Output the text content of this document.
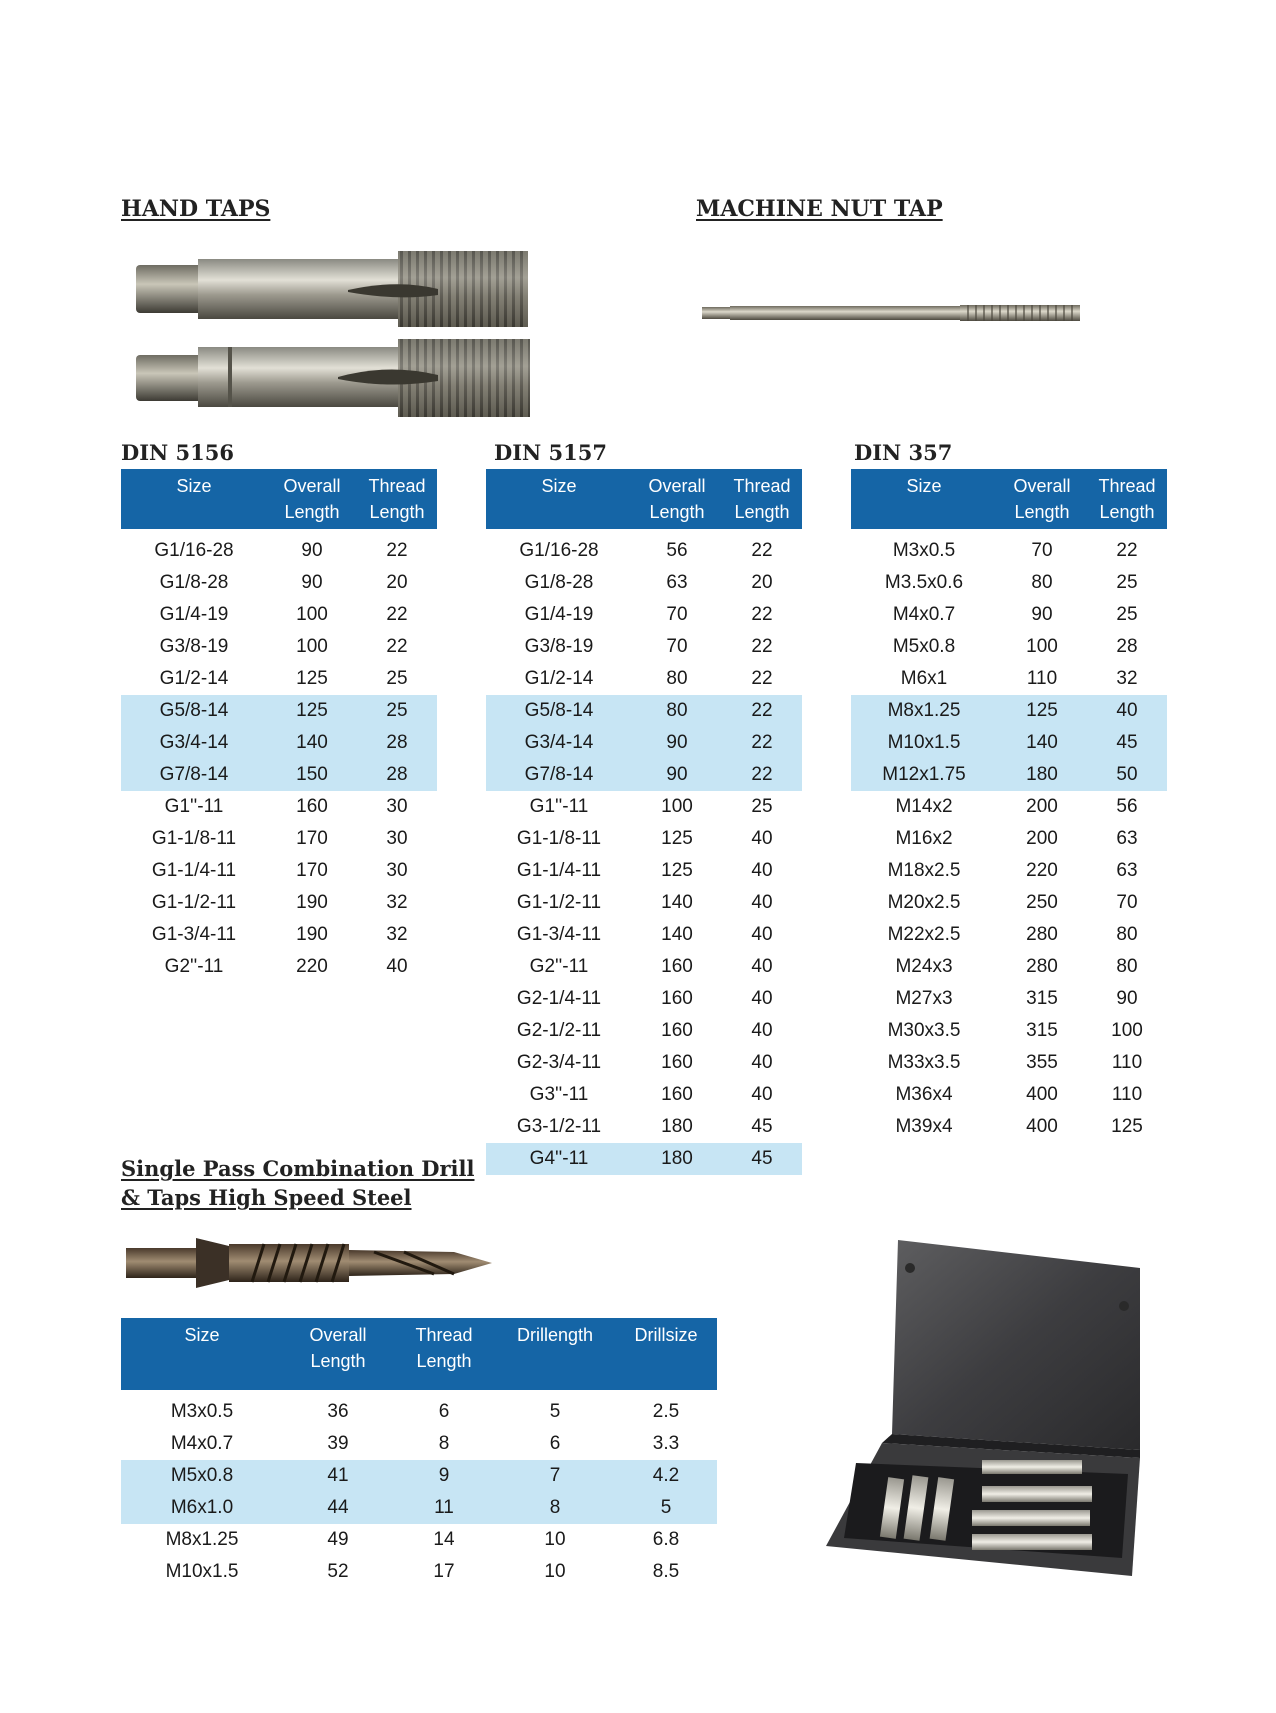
HAND TAPS	MACHINE NUT TAP
DIN 5156	DIN 5157	DIN 357
Size	Overall Length	Thread Length
G1/16-28	90	22
G1/8-28	90	20
G1/4-19	100	22
G3/8-19	100	22
G1/2-14	125	25
G5/8-14	125	25
G3/4-14	140	28
G7/8-14	150	28
G1''-11	160	30
G1-1/8-11	170	30
G1-1/4-11	170	30
G1-1/2-11	190	32
G1-3/4-11	190	32
G2''-11	220	40
Size	Overall Length	Thread Length
G1/16-28	56	22
G1/8-28	63	20
G1/4-19	70	22
G3/8-19	70	22
G1/2-14	80	22
G5/8-14	80	22
G3/4-14	90	22
G7/8-14	90	22
G1''-11	100	25
G1-1/8-11	125	40
G1-1/4-11	125	40
G1-1/2-11	140	40
G1-3/4-11	140	40
G2''-11	160	40
G2-1/4-11	160	40
G2-1/2-11	160	40
G2-3/4-11	160	40
G3''-11	160	40
G3-1/2-11	180	45
G4''-11	180	45
Size	Overall Length	Thread Length
M3x0.5	70	22
M3.5x0.6	80	25
M4x0.7	90	25
M5x0.8	100	28
M6x1	110	32
M8x1.25	125	40
M10x1.5	140	45
M12x1.75	180	50
M14x2	200	56
M16x2	200	63
M18x2.5	220	63
M20x2.5	250	70
M22x2.5	280	80
M24x3	280	80
M27x3	315	90
M30x3.5	315	100
M33x3.5	355	110
M36x4	400	110
M39x4	400	125
Single Pass Combination Drill
& Taps High Speed Steel
Size	Overall Length	Thread Length	Drillength	Drillsize
M3x0.5	36	6	5	2.5
M4x0.7	39	8	6	3.3
M5x0.8	41	9	7	4.2
M6x1.0	44	11	8	5
M8x1.25	49	14	10	6.8
M10x1.5	52	17	10	8.5
